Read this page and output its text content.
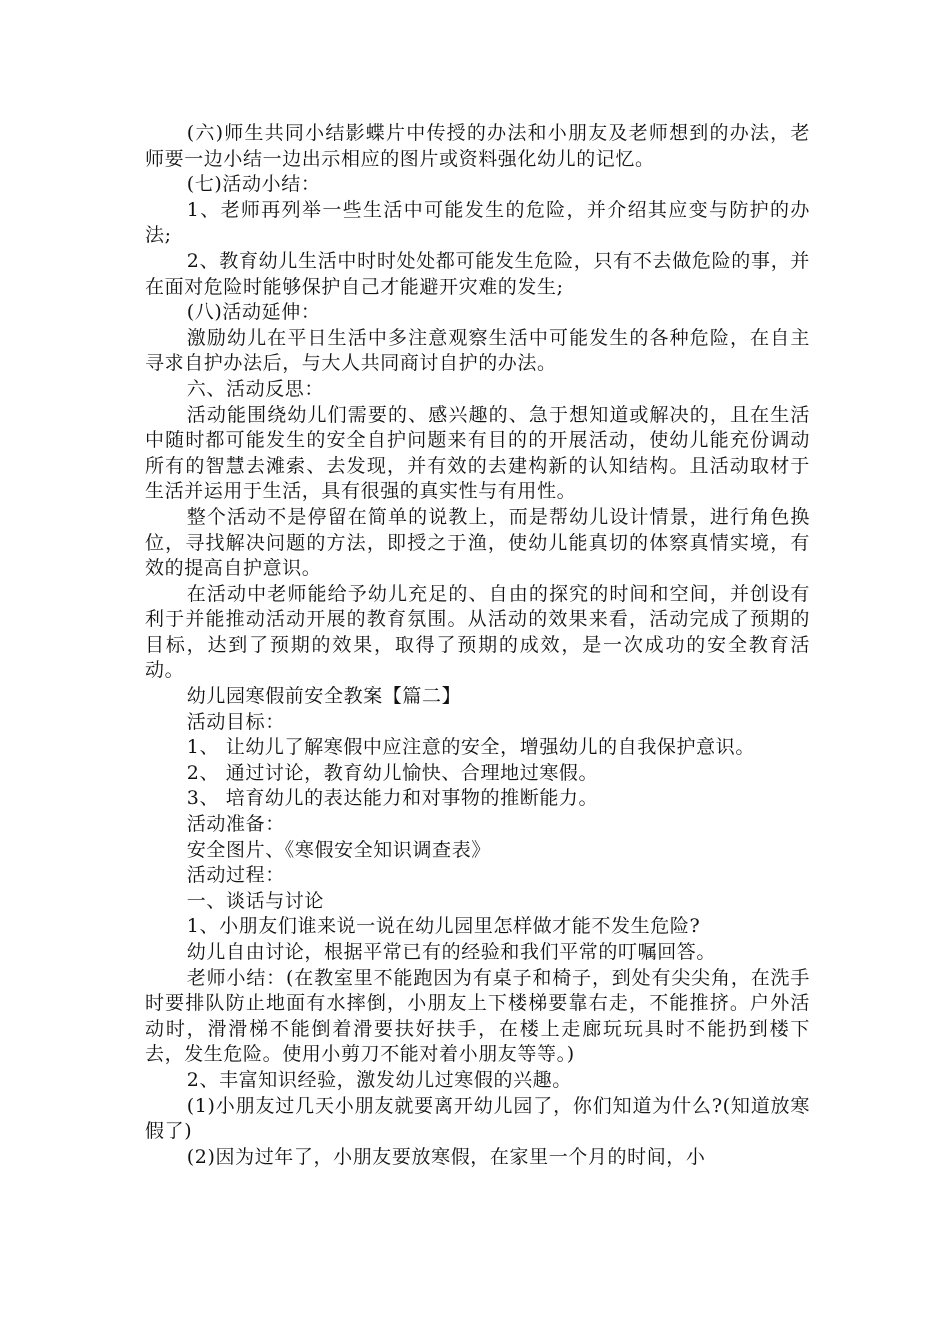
(六)师生共同小结影蝶片中传授的办法和小朋友及老师想到的办法，老师要一边小结一边出示相应的图片或资料强化幼儿的记忆。

(七)活动小结：

1、老师再列举一些生活中可能发生的危险，并介绍其应变与防护的办法;

2、教育幼儿生活中时时处处都可能发生危险，只有不去做危险的事，并在面对危险时能够保护自己才能避开灾难的发生;

(八)活动延伸：

激励幼儿在平日生活中多注意观察生活中可能发生的各种危险，在自主寻求自护办法后，与大人共同商讨自护的办法。

六、活动反思：

活动能围绕幼儿们需要的、感兴趣的、急于想知道或解决的，且在生活中随时都可能发生的安全自护问题来有目的的开展活动，使幼儿能充份调动所有的智慧去滩索、去发现，并有效的去建构新的认知结构。且活动取材于生活并运用于生活，具有很强的真实性与有用性。

整个活动不是停留在简单的说教上，而是帮幼儿设计情景，进行角色换位，寻找解决问题的方法，即授之于渔，使幼儿能真切的体察真情实境，有效的提高自护意识。

在活动中老师能给予幼儿充足的、自由的探究的时间和空间，并创设有利于并能推动活动开展的教育氛围。从活动的效果来看，活动完成了预期的目标，达到了预期的效果，取得了预期的成效，是一次成功的安全教育活动。

幼儿园寒假前安全教案【篇二】

活动目标：

1、 让幼儿了解寒假中应注意的安全，增强幼儿的自我保护意识。

2、 通过讨论，教育幼儿愉快、合理地过寒假。

3、 培育幼儿的表达能力和对事物的推断能力。

活动准备：

安全图片、《寒假安全知识调查表》

活动过程：

一、谈话与讨论

1、小朋友们谁来说一说在幼儿园里怎样做才能不发生危险?

幼儿自由讨论，根据平常已有的经验和我们平常的叮嘱回答。

老师小结：(在教室里不能跑因为有桌子和椅子，到处有尖尖角，在洗手时要排队防止地面有水摔倒，小朋友上下楼梯要靠右走，不能推挤。户外活动时，滑滑梯不能倒着滑要扶好扶手，在楼上走廊玩玩具时不能扔到楼下去，发生危险。使用小剪刀不能对着小朋友等等。)

2、丰富知识经验，激发幼儿过寒假的兴趣。

(1)小朋友过几天小朋友就要离开幼儿园了，你们知道为什么?(知道放寒假了)

(2)因为过年了，小朋友要放寒假，在家里一个月的时间，小
